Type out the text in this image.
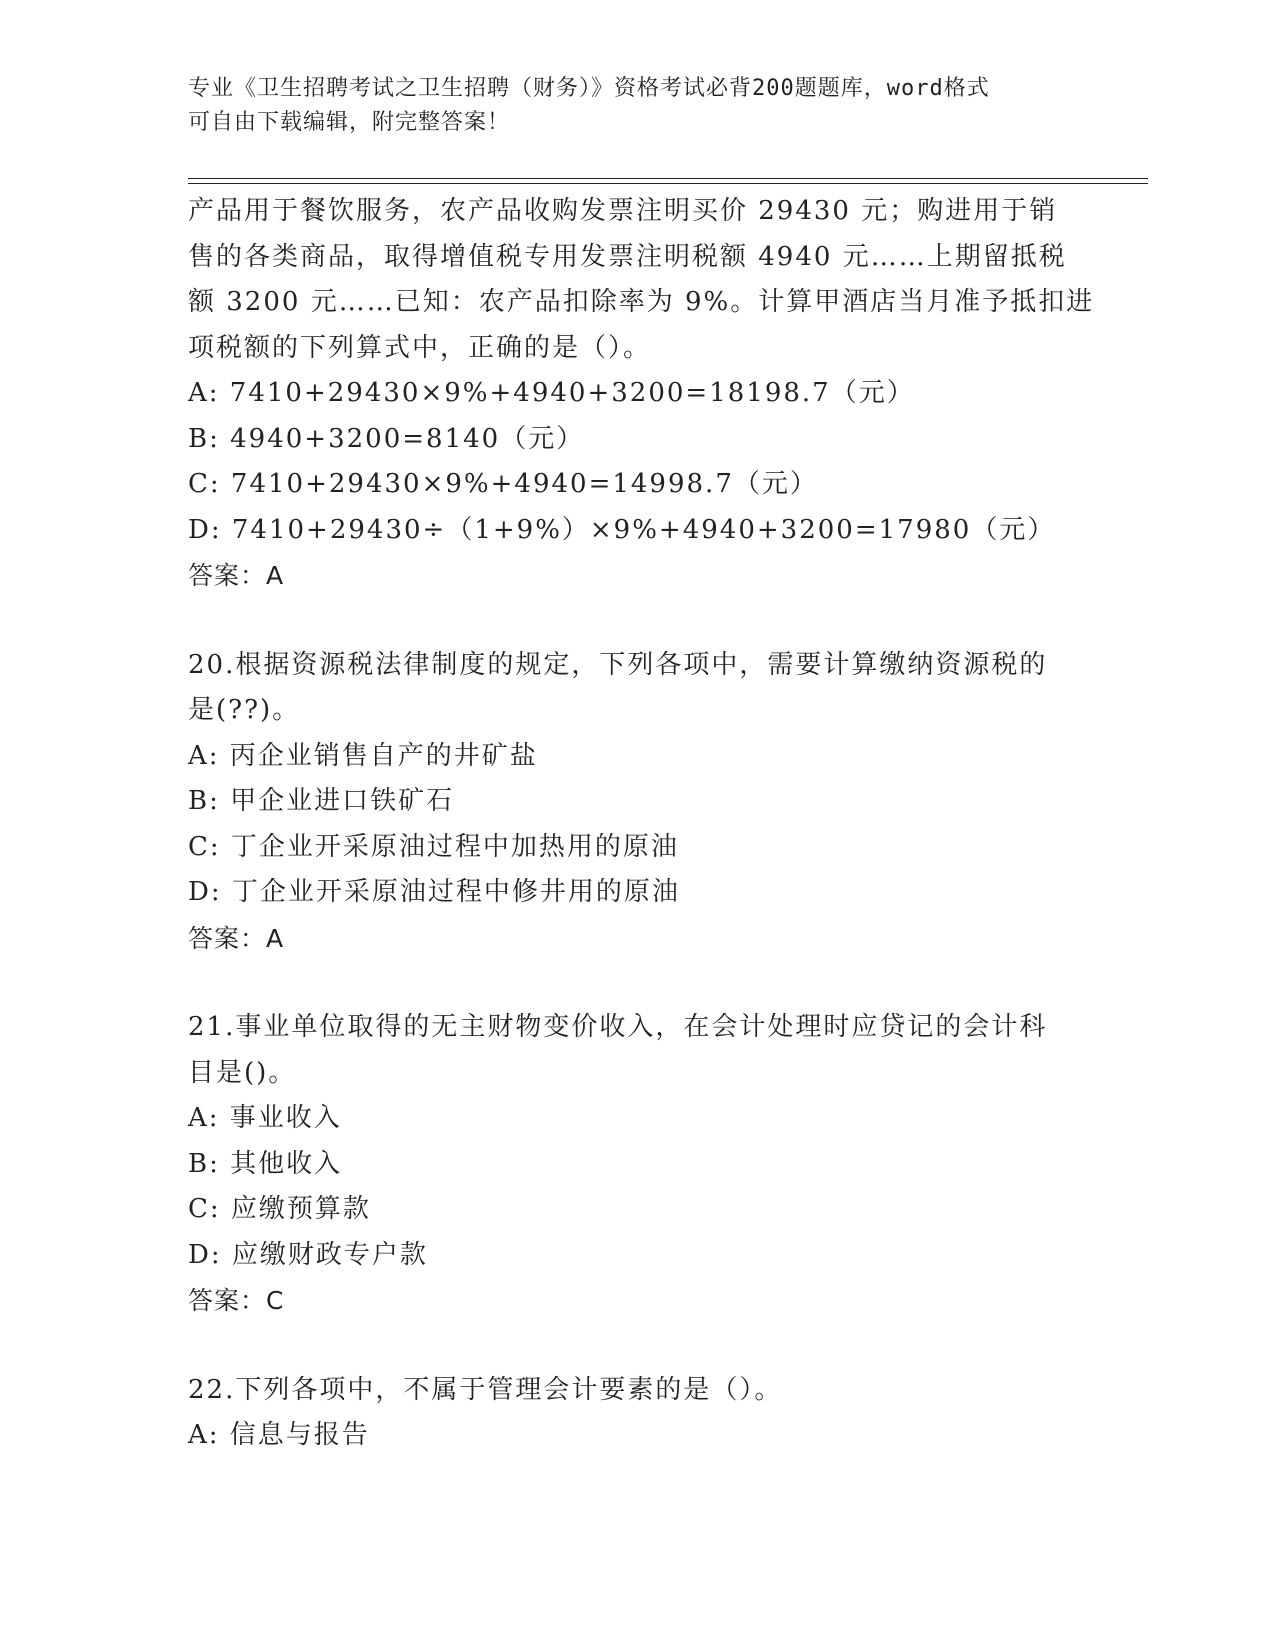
专业《卫生招聘考试之卫生招聘（财务）》资格考试必背200题题库，word格式
可自由下载编辑，附完整答案！
产品用于餐饮服务，农产品收购发票注明买价 29430 元；购进用于销
售的各类商品，取得增值税专用发票注明税额 4940 元……上期留抵税
额 3200 元……已知：农产品扣除率为 9%。计算甲酒店当月准予抵扣进
项税额的下列算式中，正确的是（）。
A: 7410+29430×9%+4940+3200=18198.7（元）
B: 4940+3200=8140（元）
C: 7410+29430×9%+4940=14998.7（元）
D: 7410+29430÷（1+9%）×9%+4940+3200=17980（元）
答案：A
20.根据资源税法律制度的规定，下列各项中，需要计算缴纳资源税的
是(??)。
A: 丙企业销售自产的井矿盐
B: 甲企业进口铁矿石
C: 丁企业开采原油过程中加热用的原油
D: 丁企业开采原油过程中修井用的原油
答案：A
21.事业单位取得的无主财物变价收入，在会计处理时应贷记的会计科
目是()。
A: 事业收入
B: 其他收入
C: 应缴预算款
D: 应缴财政专户款
答案：C
22.下列各项中，不属于管理会计要素的是（）。
A: 信息与报告
